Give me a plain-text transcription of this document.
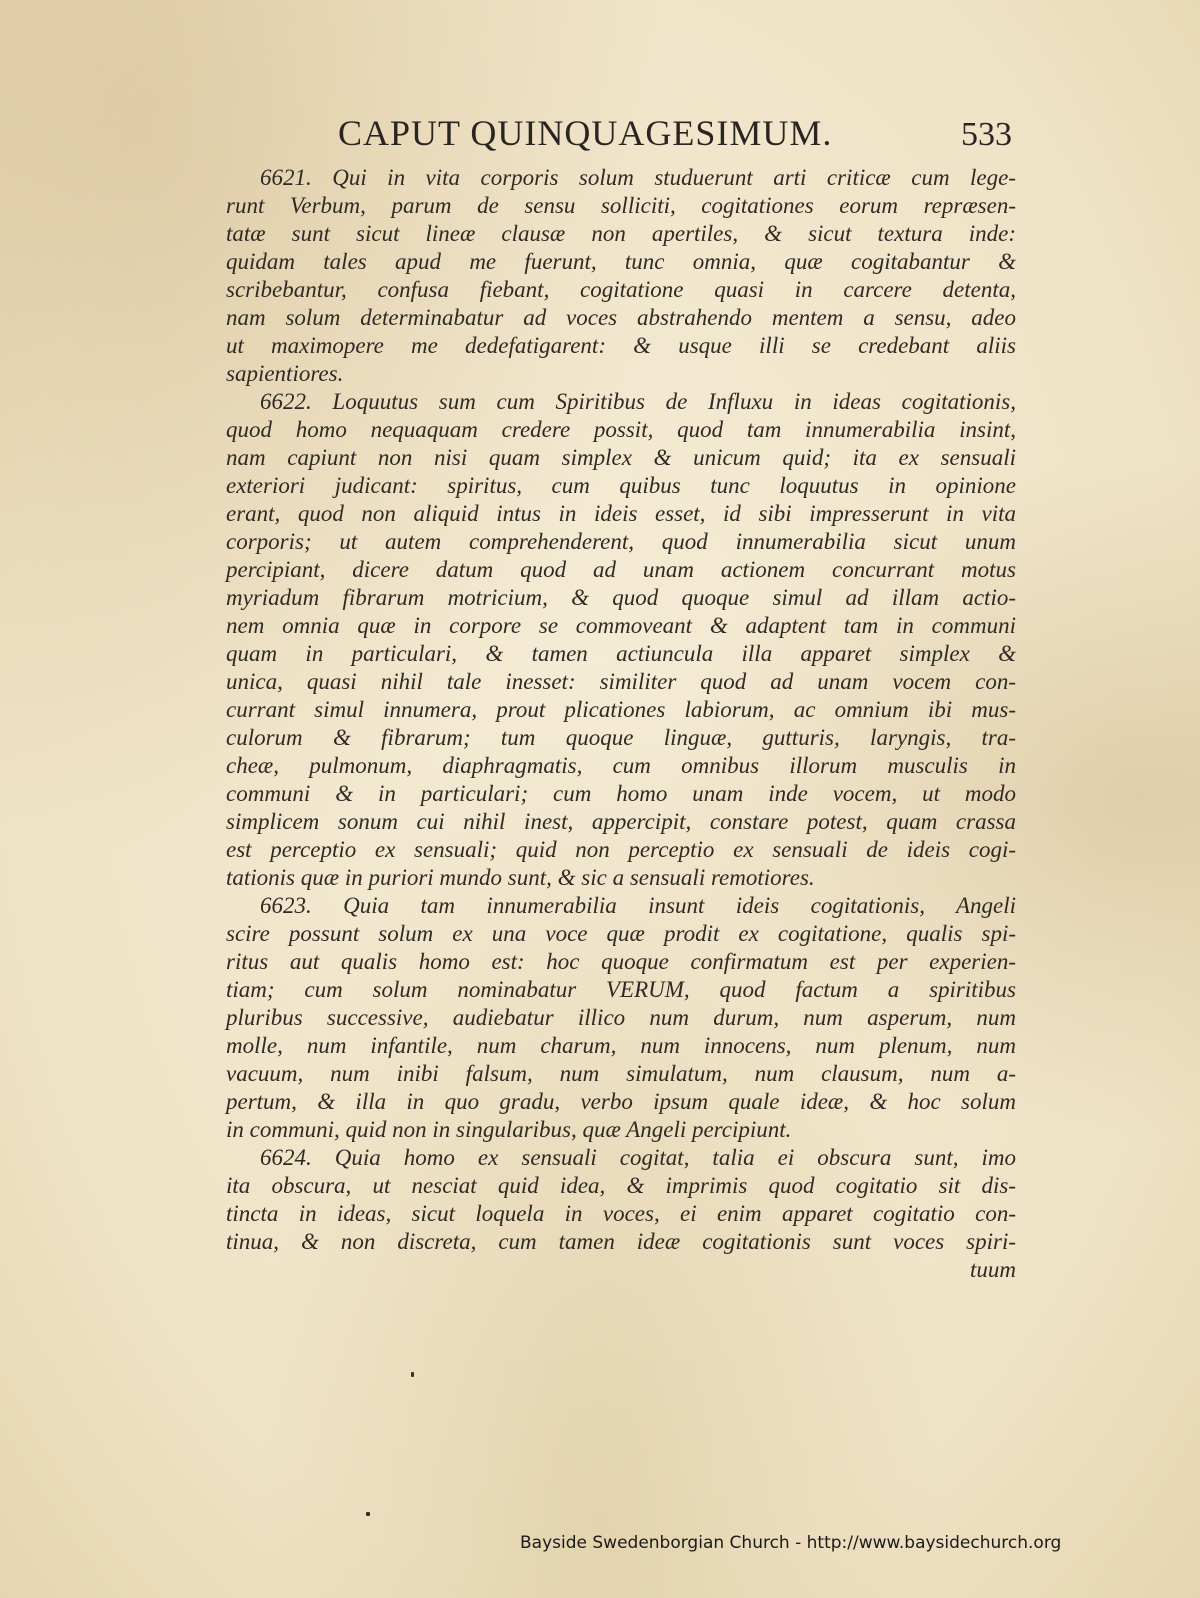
CAPUT QUINQUAGESIMUM.	533
6621. Qui in vita corporis solum studuerunt arti criticæ cum lege-
runt Verbum, parum de sensu solliciti, cogitationes eorum repræsen-
tatæ sunt sicut lineæ clausæ non apertiles, & sicut textura inde:
quidam tales apud me fuerunt, tunc omnia, quæ cogitabantur &
scribebantur, confusa fiebant, cogitatione quasi in carcere detenta,
nam solum determinabatur ad voces abstrahendo mentem a sensu, adeo
ut maximopere me dedefatigarent: & usque illi se credebant aliis
sapientiores.
6622. Loquutus sum cum Spiritibus de Influxu in ideas cogitationis,
quod homo nequaquam credere possit, quod tam innumerabilia insint,
nam capiunt non nisi quam simplex & unicum quid; ita ex sensuali
exteriori judicant: spiritus, cum quibus tunc loquutus in opinione
erant, quod non aliquid intus in ideis esset, id sibi impresserunt in vita
corporis; ut autem comprehenderent, quod innumerabilia sicut unum
percipiant, dicere datum quod ad unam actionem concurrant motus
myriadum fibrarum motricium, & quod quoque simul ad illam actio-
nem omnia quæ in corpore se commoveant & adaptent tam in communi
quam in particulari, & tamen actiuncula illa apparet simplex &
unica, quasi nihil tale inesset: similiter quod ad unam vocem con-
currant simul innumera, prout plicationes labiorum, ac omnium ibi mus-
culorum & fibrarum; tum quoque linguæ, gutturis, laryngis, tra-
cheæ, pulmonum, diaphragmatis, cum omnibus illorum musculis in
communi & in particulari; cum homo unam inde vocem, ut modo
simplicem sonum cui nihil inest, appercipit, constare potest, quam crassa
est perceptio ex sensuali; quid non perceptio ex sensuali de ideis cogi-
tationis quæ in puriori mundo sunt, & sic a sensuali remotiores.
6623. Quia tam innumerabilia insunt ideis cogitationis, Angeli
scire possunt solum ex una voce quæ prodit ex cogitatione, qualis spi-
ritus aut qualis homo est: hoc quoque confirmatum est per experien-
tiam; cum solum nominabatur VERUM, quod factum a spiritibus
pluribus successive, audiebatur illico num durum, num asperum, num
molle, num infantile, num charum, num innocens, num plenum, num
vacuum, num inibi falsum, num simulatum, num clausum, num a-
pertum, & illa in quo gradu, verbo ipsum quale ideæ, & hoc solum
in communi, quid non in singularibus, quæ Angeli percipiunt.
6624. Quia homo ex sensuali cogitat, talia ei obscura sunt, imo
ita obscura, ut nesciat quid idea, & imprimis quod cogitatio sit dis-
tincta in ideas, sicut loquela in voces, ei enim apparet cogitatio con-
tinua, & non discreta, cum tamen ideæ cogitationis sunt voces spiri-
tuum
Bayside Swedenborgian Church - http://www.baysidechurch.org
